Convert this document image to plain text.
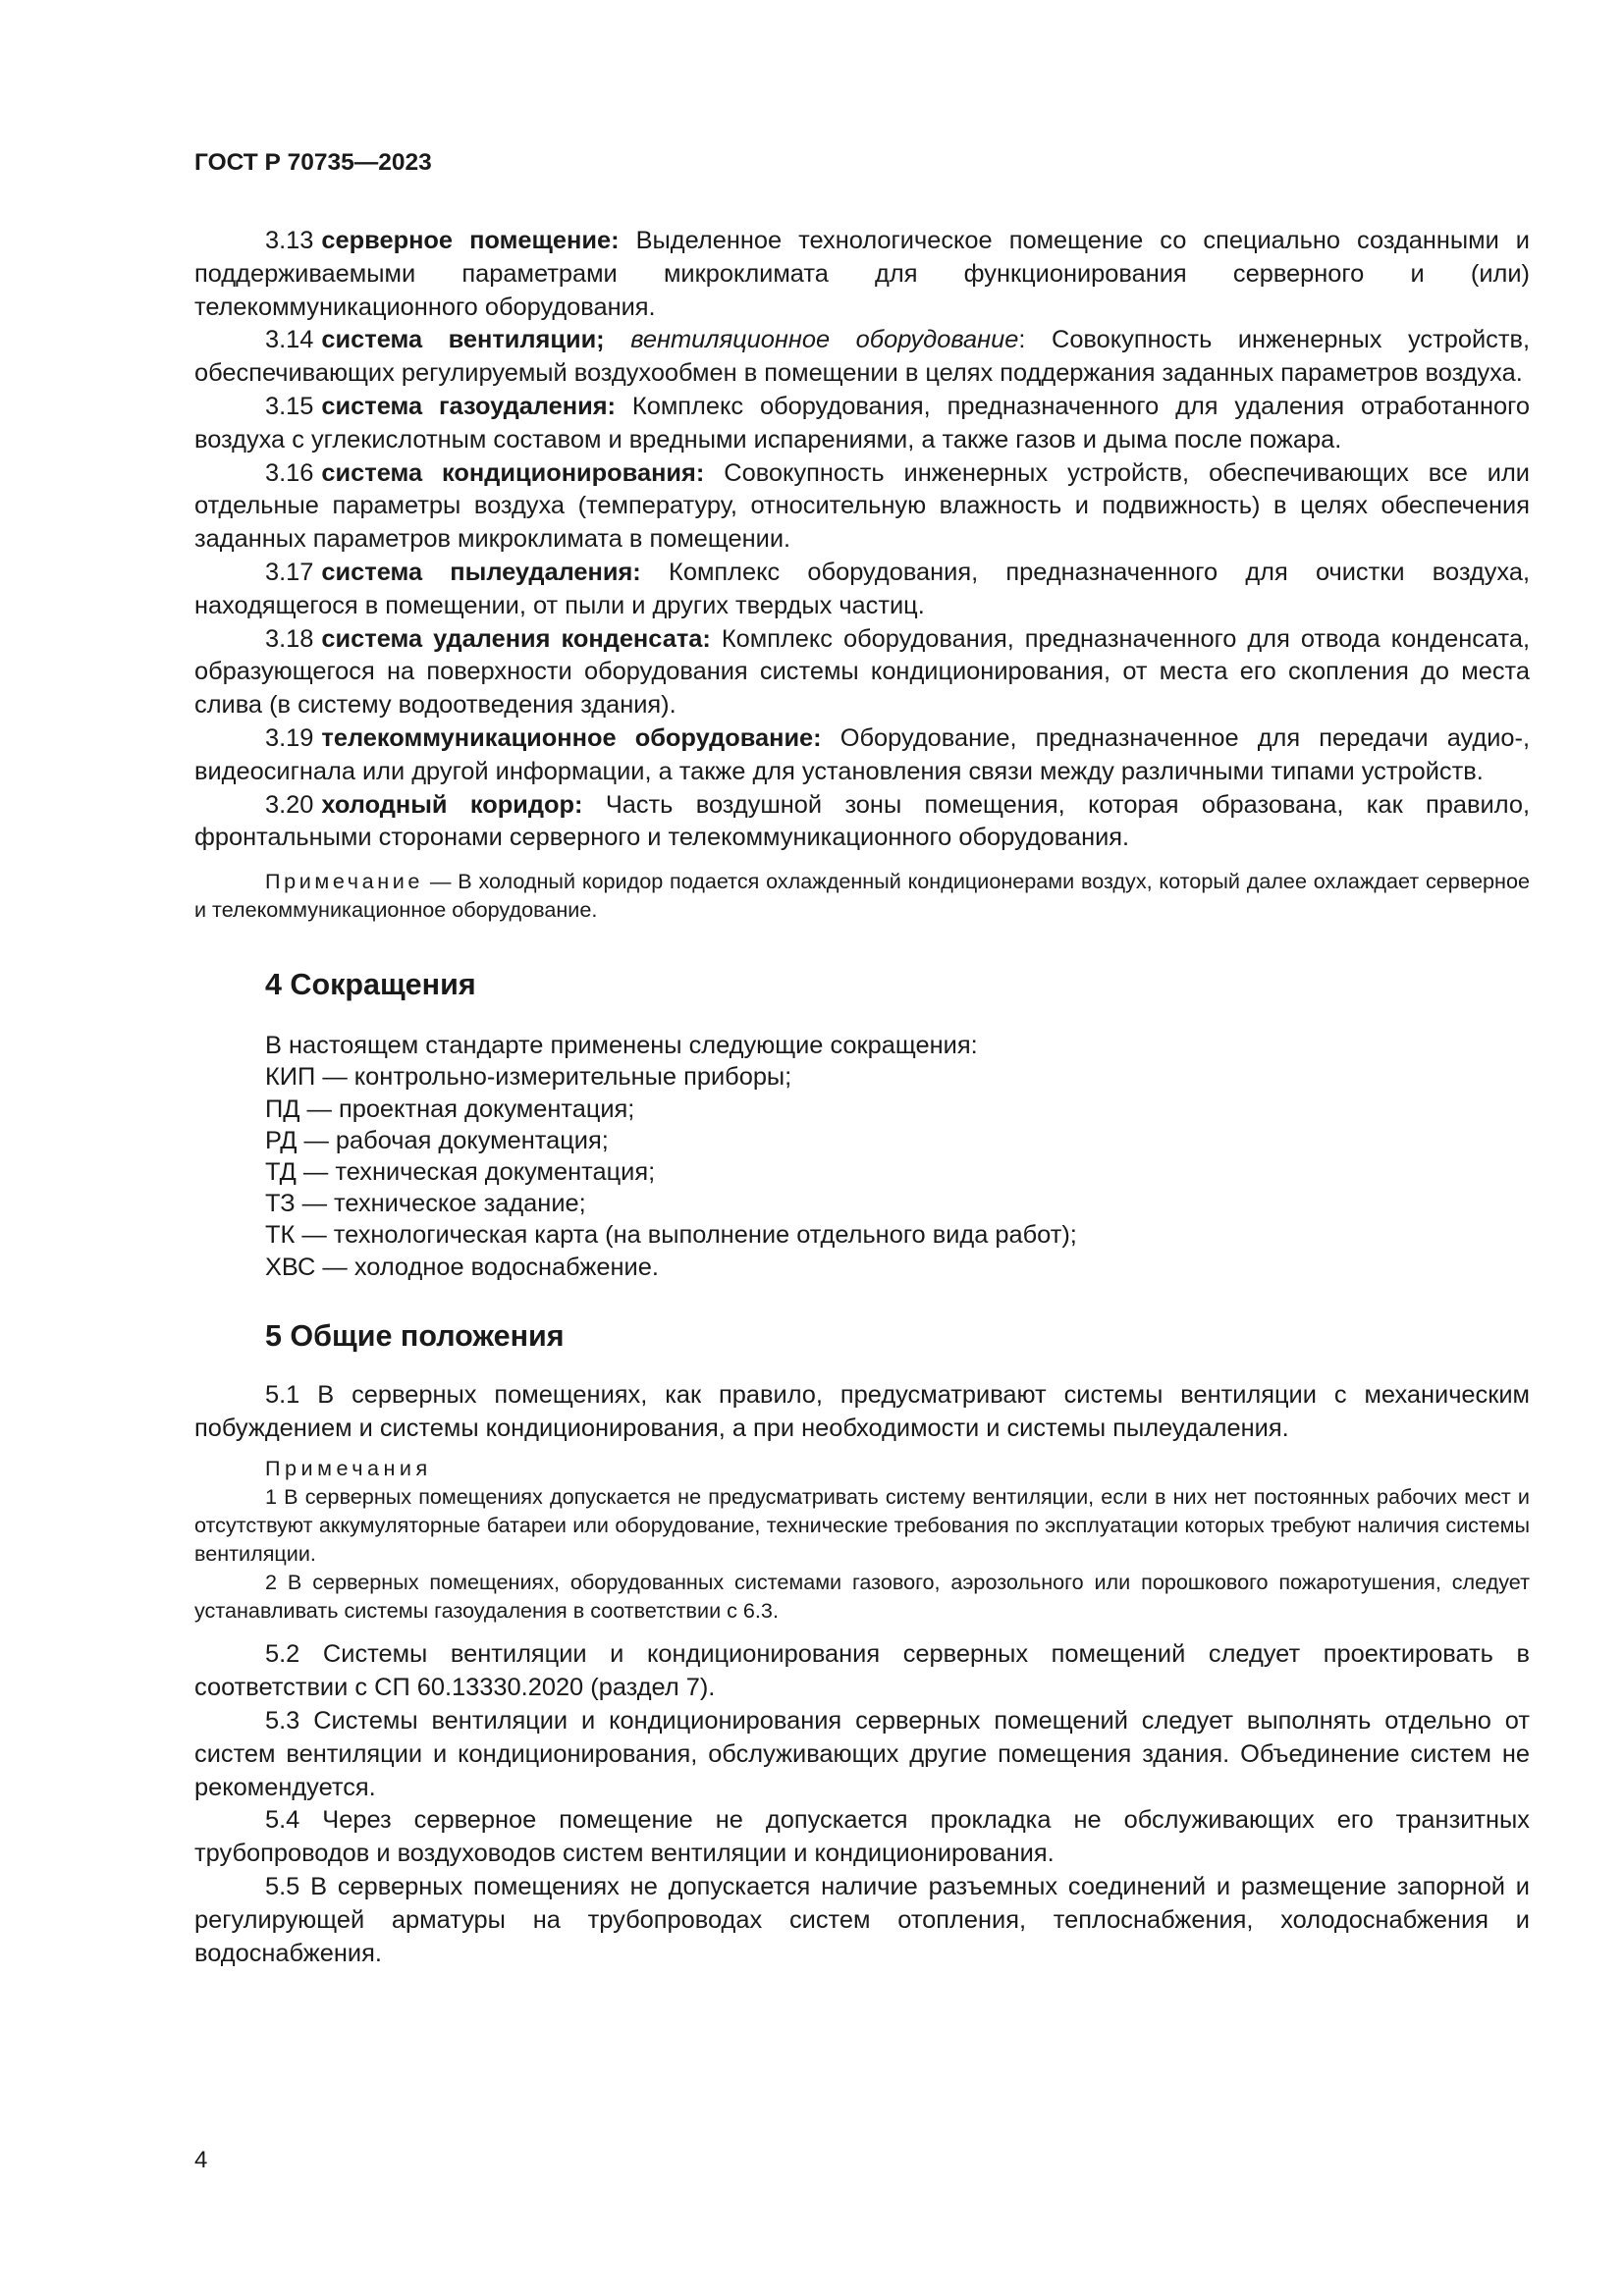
ГОСТ Р 70735—2023

3.13 серверное помещение: Выделенное технологическое помещение со специально созданными и поддерживаемыми параметрами микроклимата для функционирования серверного и (или) телекоммуникационного оборудования.

3.14 система вентиляции; вентиляционное оборудование: Совокупность инженерных устройств, обеспечивающих регулируемый воздухообмен в помещении в целях поддержания заданных параметров воздуха.

3.15 система газоудаления: Комплекс оборудования, предназначенного для удаления отработанного воздуха с углекислотным составом и вредными испарениями, а также газов и дыма после пожара.

3.16 система кондиционирования: Совокупность инженерных устройств, обеспечивающих все или отдельные параметры воздуха (температуру, относительную влажность и подвижность) в целях обеспечения заданных параметров микроклимата в помещении.

3.17 система пылеудаления: Комплекс оборудования, предназначенного для очистки воздуха, находящегося в помещении, от пыли и других твердых частиц.

3.18 система удаления конденсата: Комплекс оборудования, предназначенного для отвода конденсата, образующегося на поверхности оборудования системы кондиционирования, от места его скопления до места слива (в систему водоотведения здания).

3.19 телекоммуникационное оборудование: Оборудование, предназначенное для передачи аудио-, видеосигнала или другой информации, а также для установления связи между различными типами устройств.

3.20 холодный коридор: Часть воздушной зоны помещения, которая образована, как правило, фронтальными сторонами серверного и телекоммуникационного оборудования.

Примечание — В холодный коридор подается охлажденный кондиционерами воздух, который далее охлаждает серверное и телекоммуникационное оборудование.

4 Сокращения

В настоящем стандарте применены следующие сокращения:

КИП — контрольно-измерительные приборы;

ПД — проектная документация;

РД — рабочая документация;

ТД — техническая документация;

ТЗ — техническое задание;

ТК — технологическая карта (на выполнение отдельного вида работ);

ХВС — холодное водоснабжение.

5 Общие положения

5.1 В серверных помещениях, как правило, предусматривают системы вентиляции с механическим побуждением и системы кондиционирования, а при необходимости и системы пылеудаления.

Примечания

1 В серверных помещениях допускается не предусматривать систему вентиляции, если в них нет постоянных рабочих мест и отсутствуют аккумуляторные батареи или оборудование, технические требования по эксплуатации которых требуют наличия системы вентиляции.

2 В серверных помещениях, оборудованных системами газового, аэрозольного или порошкового пожаротушения, следует устанавливать системы газоудаления в соответствии с 6.3.

5.2 Системы вентиляции и кондиционирования серверных помещений следует проектировать в соответствии с СП 60.13330.2020 (раздел 7).

5.3 Системы вентиляции и кондиционирования серверных помещений следует выполнять отдельно от систем вентиляции и кондиционирования, обслуживающих другие помещения здания. Объединение систем не рекомендуется.

5.4 Через серверное помещение не допускается прокладка не обслуживающих его транзитных трубопроводов и воздуховодов систем вентиляции и кондиционирования.

5.5 В серверных помещениях не допускается наличие разъемных соединений и размещение запорной и регулирующей арматуры на трубопроводах систем отопления, теплоснабжения, холодоснабжения и водоснабжения.

4
